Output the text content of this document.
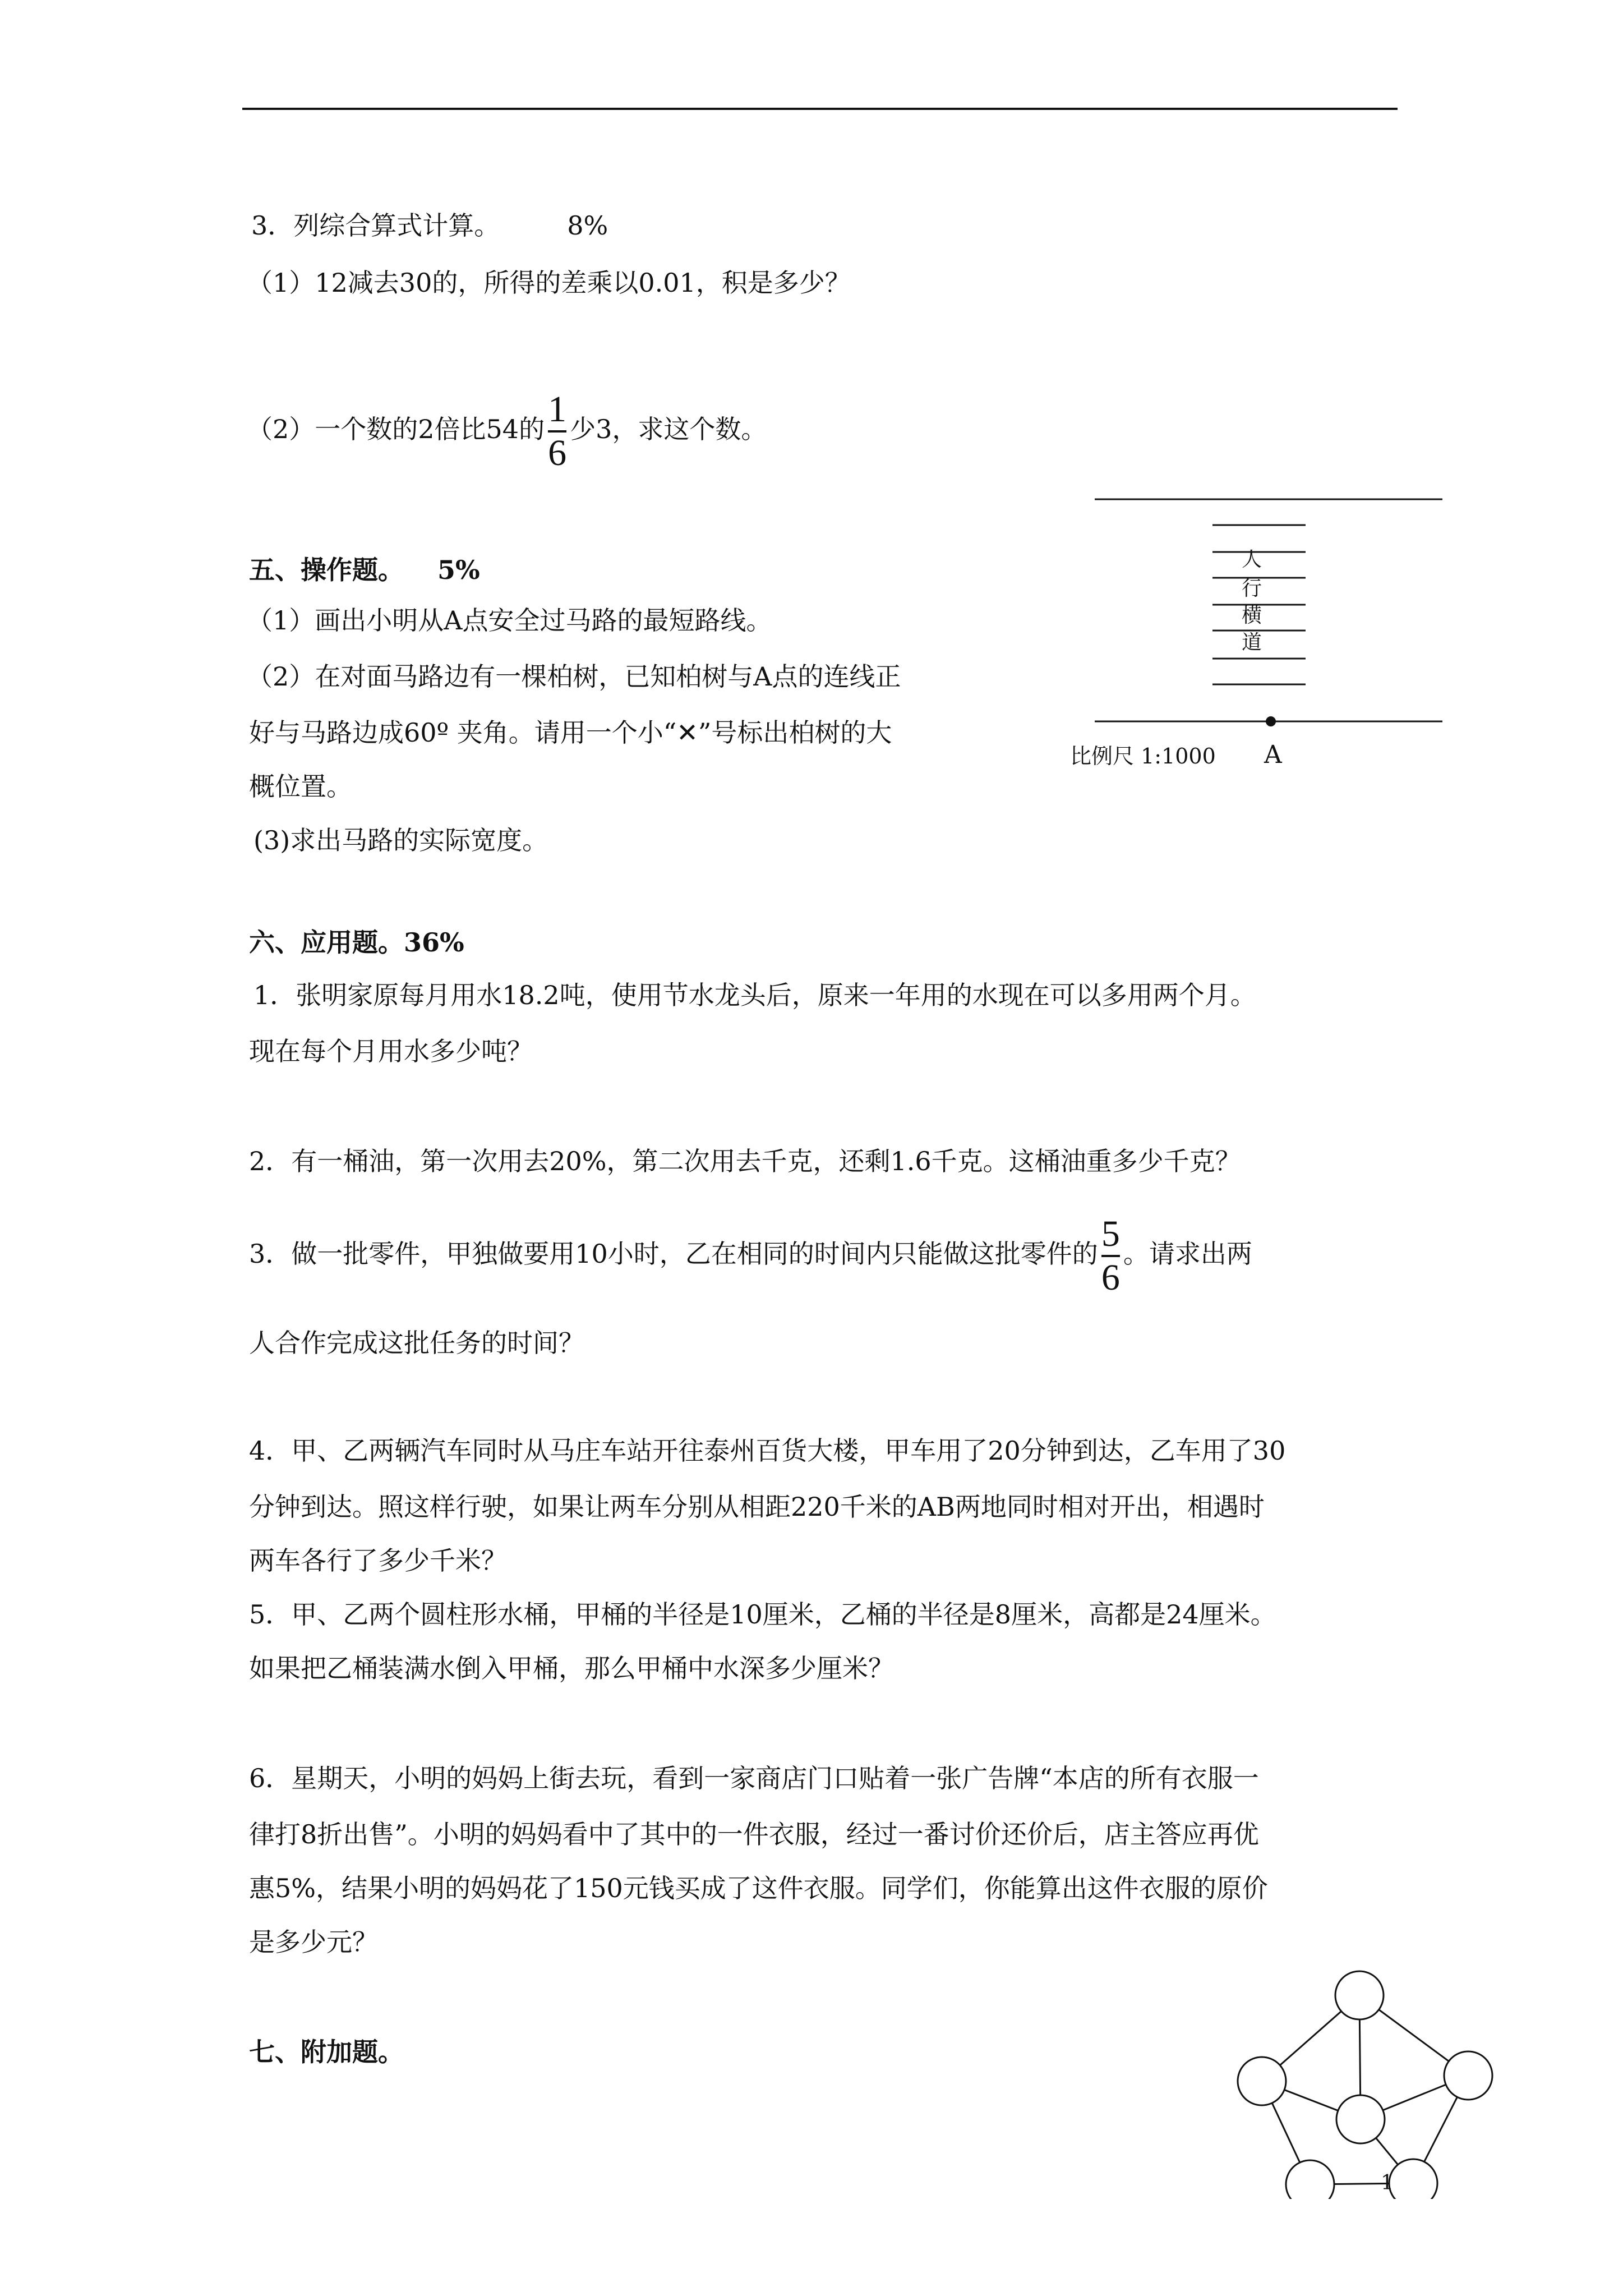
3．列综合算式计算。	8%
（1）12减去30的，所得的差乘以0.01，积是多少？
（2）一个数的2倍比54的 $\frac{1}{6}$ 少3，求这个数。
五、操作题。 5%
（1）画出小明从A点安全过马路的最短路线。
（2）在对面马路边有一棵柏树，已知柏树与A点的连线正
好与马路边成60º 夹角。请用一个小“✕”号标出柏树的大
概位置。
(3)求出马路的实际宽度。
人
行
横
道
比例尺 1:1000 A
六、应用题。36%
1．张明家原每月用水18.2吨，使用节水龙头后，原来一年用的水现在可以多用两个月。
现在每个月用水多少吨？
2．有一桶油，第一次用去20%，第二次用去千克，还剩1.6千克。这桶油重多少千克？
3．做一批零件，甲独做要用10小时，乙在相同的时间内只能做这批零件的 $\frac{5}{6}$ 。请求出两
人合作完成这批任务的时间？
4．甲、乙两辆汽车同时从马庄车站开往泰州百货大楼，甲车用了20分钟到达，乙车用了30
分钟到达。照这样行驶，如果让两车分别从相距220千米的AB两地同时相对开出，相遇时
两车各行了多少千米？
5．甲、乙两个圆柱形水桶，甲桶的半径是10厘米，乙桶的半径是8厘米，高都是24厘米。
如果把乙桶装满水倒入甲桶，那么甲桶中水深多少厘米？
6．星期天，小明的妈妈上街去玩，看到一家商店门口贴着一张广告牌“本店的所有衣服一
律打8折出售”。小明的妈妈看中了其中的一件衣服，经过一番讨价还价后，店主答应再优
惠5%，结果小明的妈妈花了150元钱买成了这件衣服。同学们，你能算出这件衣服的原价
是多少元？
七、附加题。
1
